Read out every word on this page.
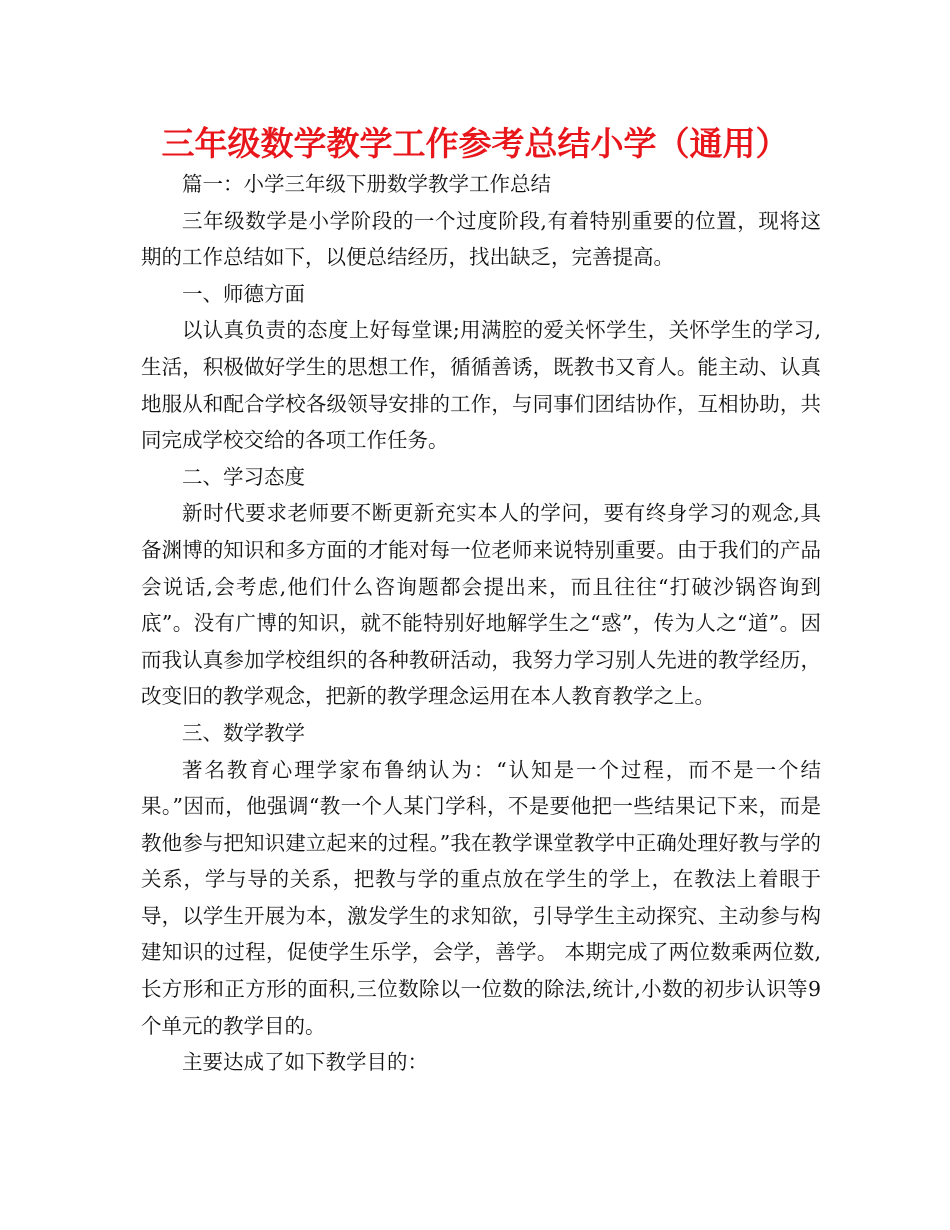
三年级数学教学工作参考总结小学（通用）

篇一：小学三年级下册数学教学工作总结

三年级数学是小学阶段的一个过度阶段,有着特别重要的位置，现将这期的工作总结如下，以便总结经历，找出缺乏，完善提高。

一、师德方面

以认真负责的态度上好每堂课;用满腔的爱关怀学生，关怀学生的学习,生活，积极做好学生的思想工作，循循善诱，既教书又育人。能主动、认真地服从和配合学校各级领导安排的工作，与同事们团结协作，互相协助，共同完成学校交给的各项工作任务。

二、学习态度

新时代要求老师要不断更新充实本人的学问，要有终身学习的观念,具备渊博的知识和多方面的才能对每一位老师来说特别重要。由于我们的产品会说话,会考虑,他们什么咨询题都会提出来，而且往往“打破沙锅咨询到底”。没有广博的知识，就不能特别好地解学生之“惑”，传为人之“道”。因而我认真参加学校组织的各种教研活动，我努力学习别人先进的教学经历，改变旧的教学观念，把新的教学理念运用在本人教育教学之上。

三、数学教学

著名教育心理学家布鲁纳认为：“认知是一个过程，而不是一个结果。”因而，他强调“教一个人某门学科，不是要他把一些结果记下来，而是教他参与把知识建立起来的过程。”我在教学课堂教学中正确处理好教与学的关系，学与导的关系，把教与学的重点放在学生的学上，在教法上着眼于导，以学生开展为本，激发学生的求知欲，引导学生主动探究、主动参与构建知识的过程，促使学生乐学，会学，善学。 本期完成了两位数乘两位数,长方形和正方形的面积,三位数除以一位数的除法,统计,小数的初步认识等9个单元的教学目的。

主要达成了如下教学目的：
